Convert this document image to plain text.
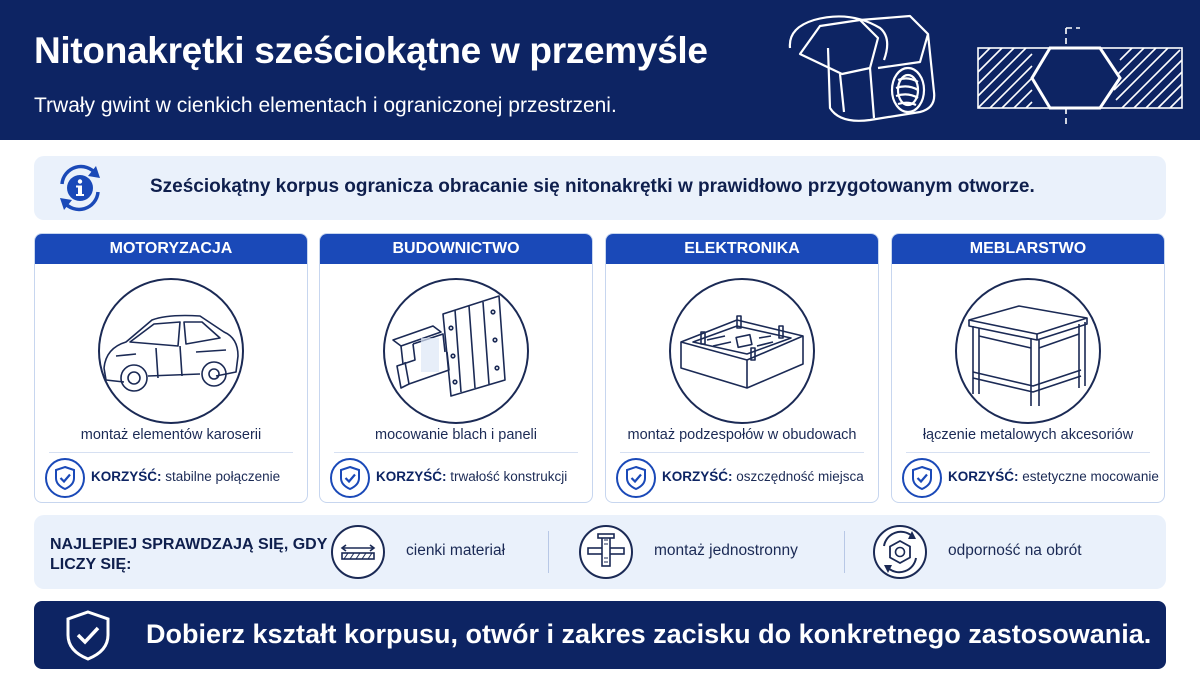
Nitonakrętki sześciokątne w przemyśle
Trwały gwint w cienkich elementach i ograniczonej przestrzeni.
Sześciokątny korpus ogranicza obracanie się nitonakrętki w prawidłowo przygotowanym otworze.
MOTORYZACJA
montaż elementów karoserii
KORZYŚĆ: stabilne połączenie
BUDOWNICTWO
mocowanie blach i paneli
KORZYŚĆ: trwałość konstrukcji
ELEKTRONIKA
montaż podzespołów w obudowach
KORZYŚĆ: oszczędność miejsca
MEBLARSTWO
łączenie metalowych akcesoriów
KORZYŚĆ: estetyczne mocowanie
NAJLEPIEJ SPRAWDZAJĄ SIĘ, GDY LICZY SIĘ:
cienki materiał	montaż jednostronny	odporność na obrót
Dobierz kształt korpusu, otwór i zakres zacisku do konkretnego zastosowania.
